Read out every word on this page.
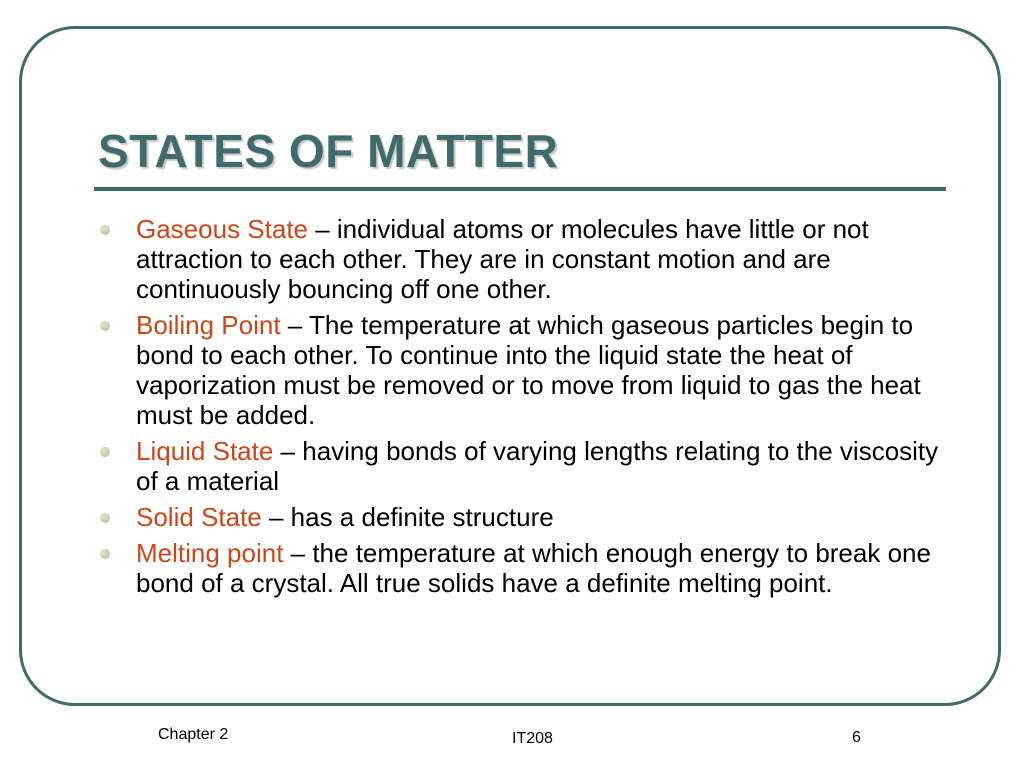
STATES OF MATTER
Gaseous State – individual atoms or molecules have little or not attraction to each other. They are in constant motion and are continuously bouncing off one other.
Boiling Point – The temperature at which gaseous particles begin to bond to each other. To continue into the liquid state the heat of vaporization must be removed or to move from liquid to gas the heat must be added.
Liquid State – having bonds of varying lengths relating to the viscosity of a material
Solid State – has a definite structure
Melting point – the temperature at which enough energy to break one bond of a crystal. All true solids have a definite melting point.
Chapter 2	IT208	6
